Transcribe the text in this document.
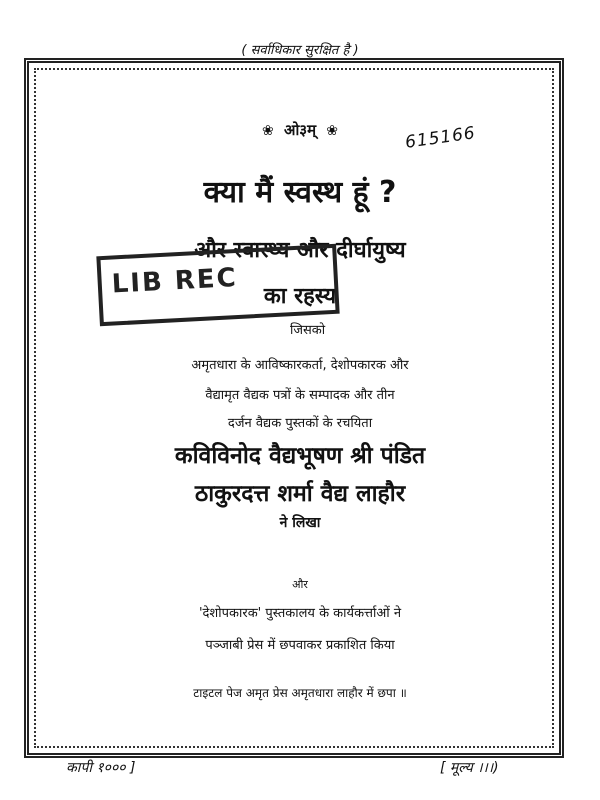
( सर्वाधिकार सुरक्षित है )
❀ ओ३म् ❀	615166
क्या मैं स्वस्थ हूं ?
और स्वास्थ्य और दीर्घायुष्य
का रहस्य
LIB REC
जिसको
अमृतधारा के आविष्कारकर्ता, देशोपकारक और
वैद्यामृत वैद्यक पत्रों के सम्पादक और तीन
दर्जन वैद्यक पुस्तकों के रचयिता
कविविनोद वैद्यभूषण श्री पंडित
ठाकुरदत्त शर्मा वैद्य लाहौर
ने लिखा
और
'देशोपकारक' पुस्तकालय के कार्यकर्त्ताओं ने
पञ्जाबी प्रेस में छपवाकर प्रकाशित किया
टाइटल पेज अमृत प्रेस अमृतधारा लाहौर में छपा ॥
कापी १००० ]	[ मूल्य ।।।)
